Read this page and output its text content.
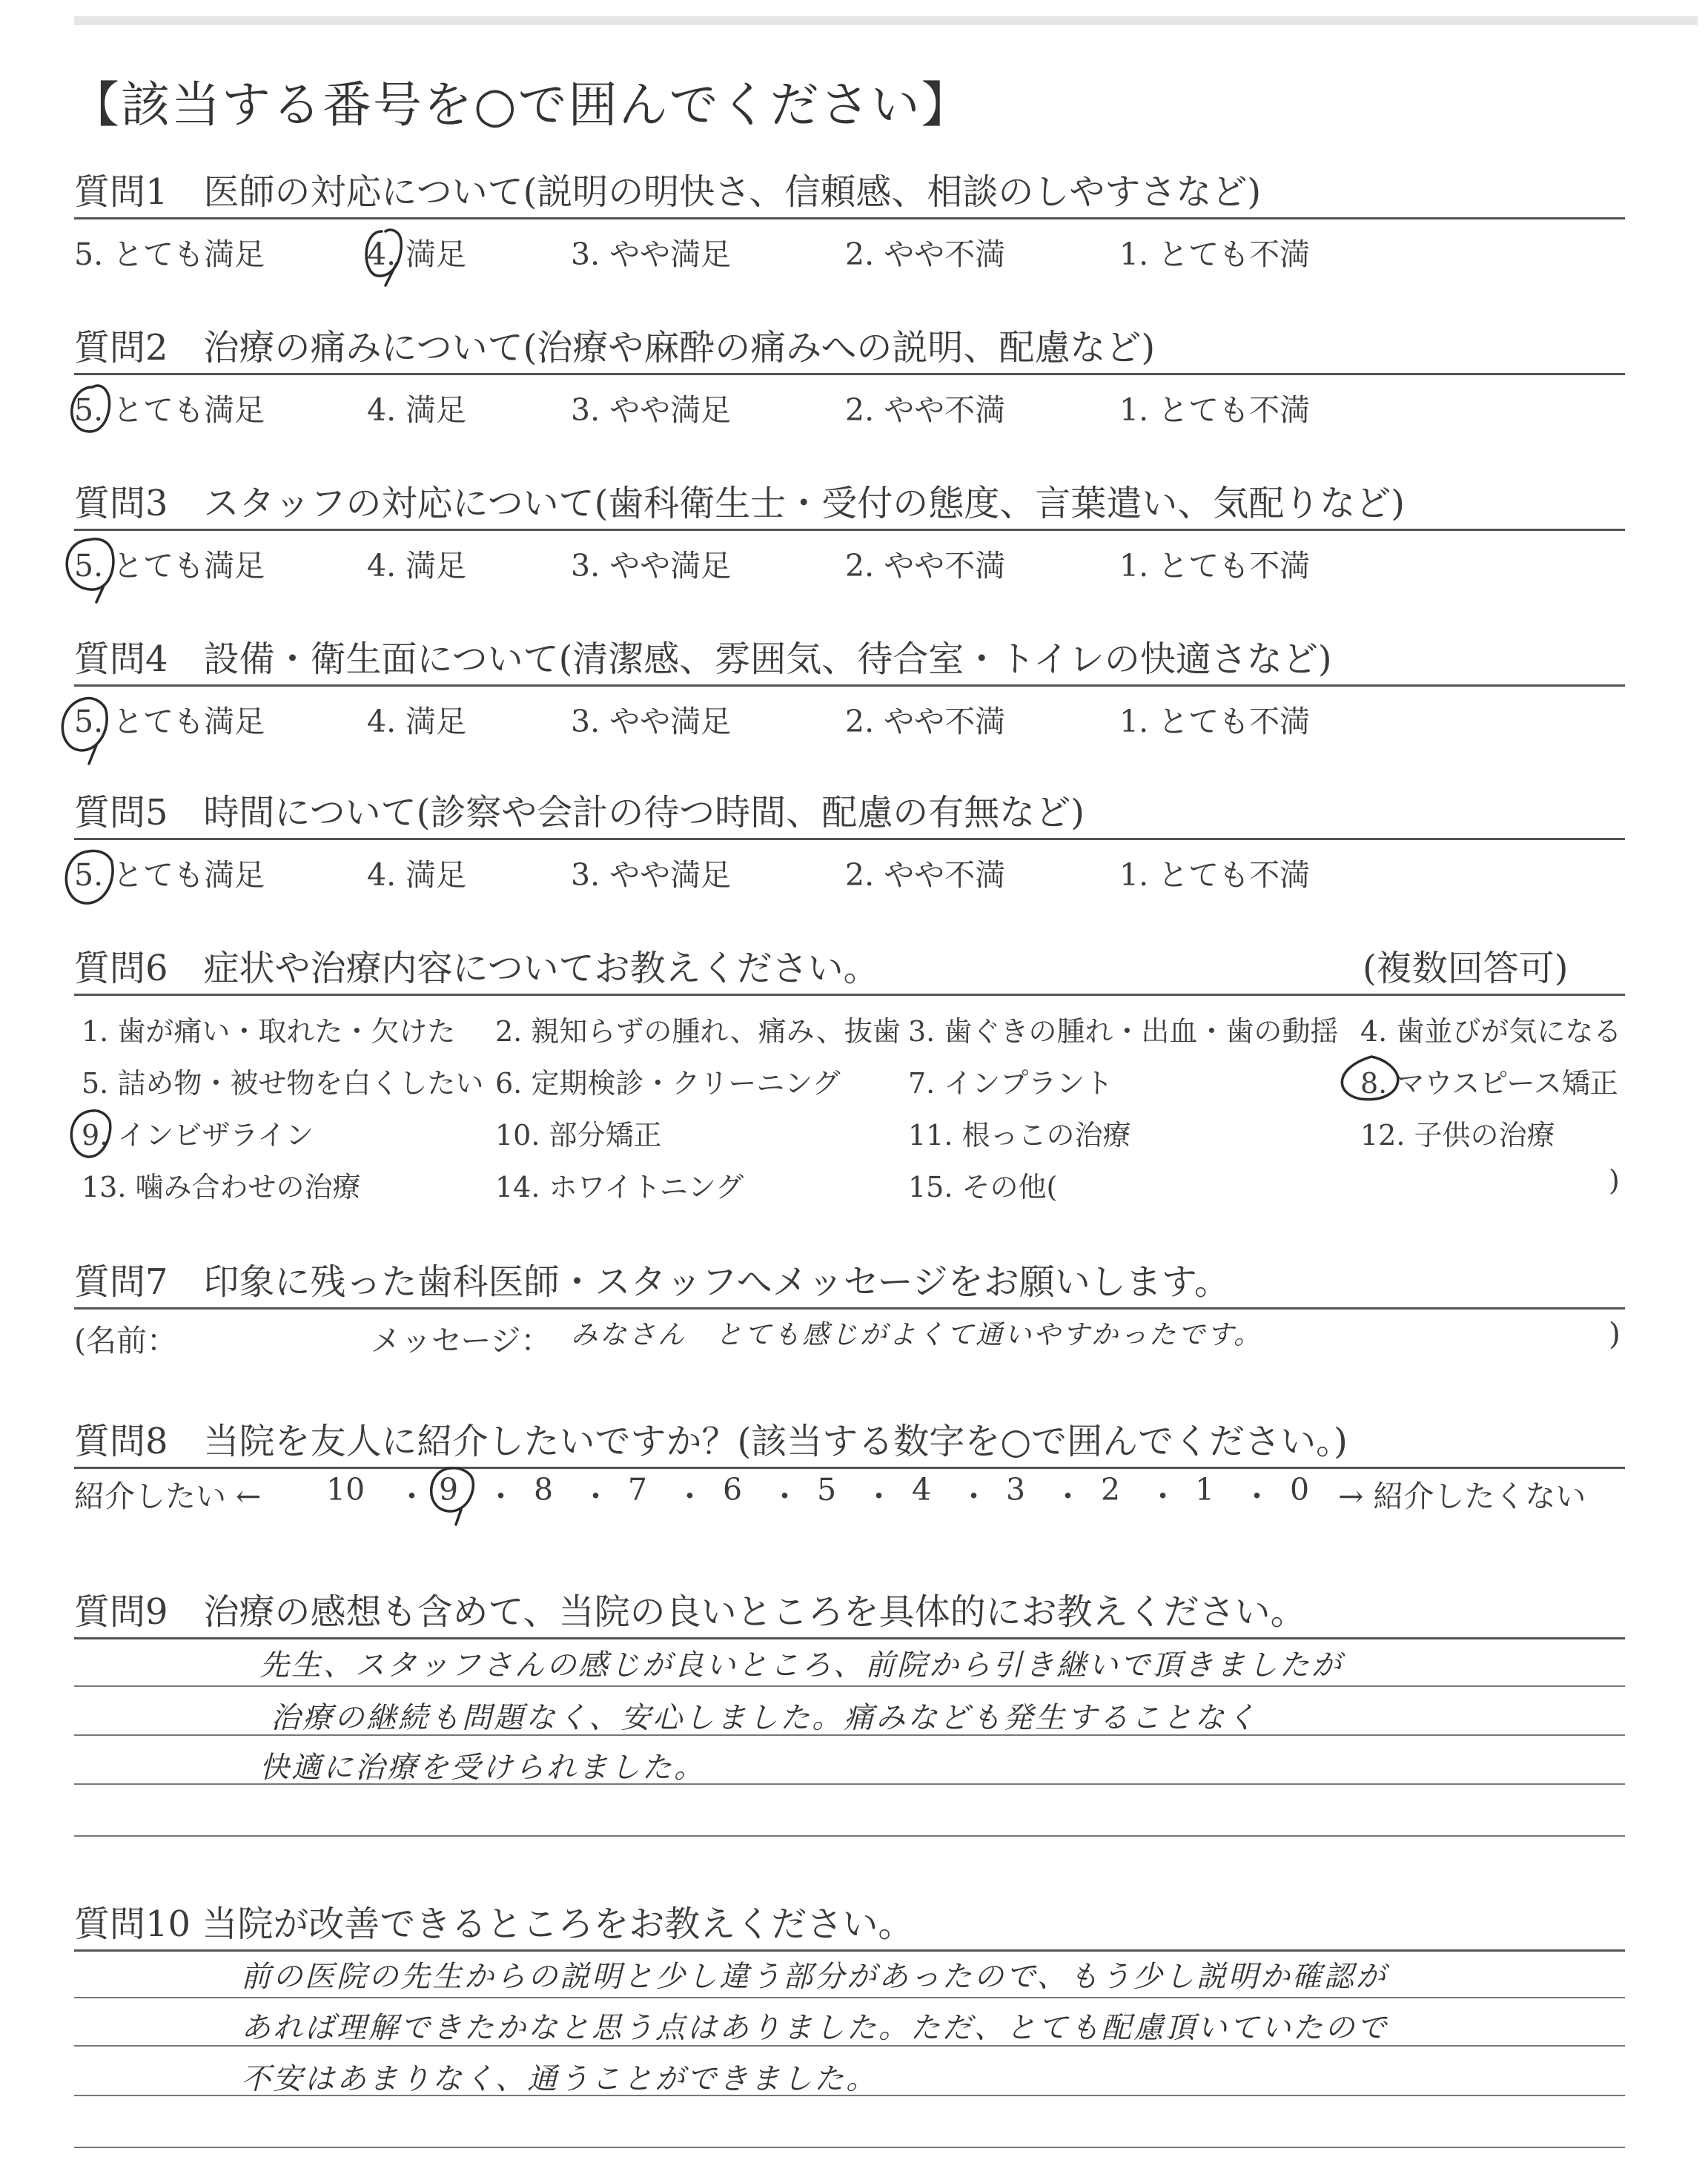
【該当する番号を○で囲んでください】
質問1　医師の対応について(説明の明快さ、信頼感、相談のしやすさなど)
5. とても満足	4. 満足	3. やや満足	2. やや不満	1. とても不満
質問2　治療の痛みについて(治療や麻酔の痛みへの説明、配慮など)
5. とても満足	4. 満足	3. やや満足	2. やや不満	1. とても不満
質問3　スタッフの対応について(歯科衛生士・受付の態度、言葉遣い、気配りなど)
5. とても満足	4. 満足	3. やや満足	2. やや不満	1. とても不満
質問4　設備・衛生面について(清潔感、雰囲気、待合室・トイレの快適さなど)
5. とても満足	4. 満足	3. やや満足	2. やや不満	1. とても不満
質問5　時間について(診察や会計の待つ時間、配慮の有無など)
5. とても満足	4. 満足	3. やや満足	2. やや不満	1. とても不満
質問6　症状や治療内容についてお教えください。	(複数回答可)
1. 歯が痛い・取れた・欠けた 2. 親知らずの腫れ、痛み、抜歯 3. 歯ぐきの腫れ・出血・歯の動揺 4. 歯並びが気になる
5. 詰め物・被せ物を白くしたい 6. 定期検診・クリーニング 7. インプラント	8. マウスピース矯正
9. インビザライン	10. 部分矯正	11. 根っこの治療	12. 子供の治療
13. 噛み合わせの治療	14. ホワイトニング	15. その他(	)
質問7　印象に残った歯科医師・スタッフへメッセージをお願いします。
(名前：	メッセージ： みなさん　とても感じがよくて通いやすかったです。	)
質問8　当院を友人に紹介したいですか？(該当する数字を○で囲んでください。)
紹介したい ← 10 9 8 7 6 5 4 3 2 1 0
・ ・ ・ ・ ・ ・ ・ ・ ・ ・ → 紹介したくない
質問9　治療の感想も含めて、当院の良いところを具体的にお教えください。
先生、スタッフさんの感じが良いところ、前院から引き継いで頂きましたが
治療の継続も問題なく、安心しました。痛みなども発生することなく
快適に治療を受けられました。
質問10 当院が改善できるところをお教えください。
前の医院の先生からの説明と少し違う部分があったので、もう少し説明か確認が
あれば理解できたかなと思う点はありました。ただ、とても配慮頂いていたので
不安はあまりなく、通うことができました。
